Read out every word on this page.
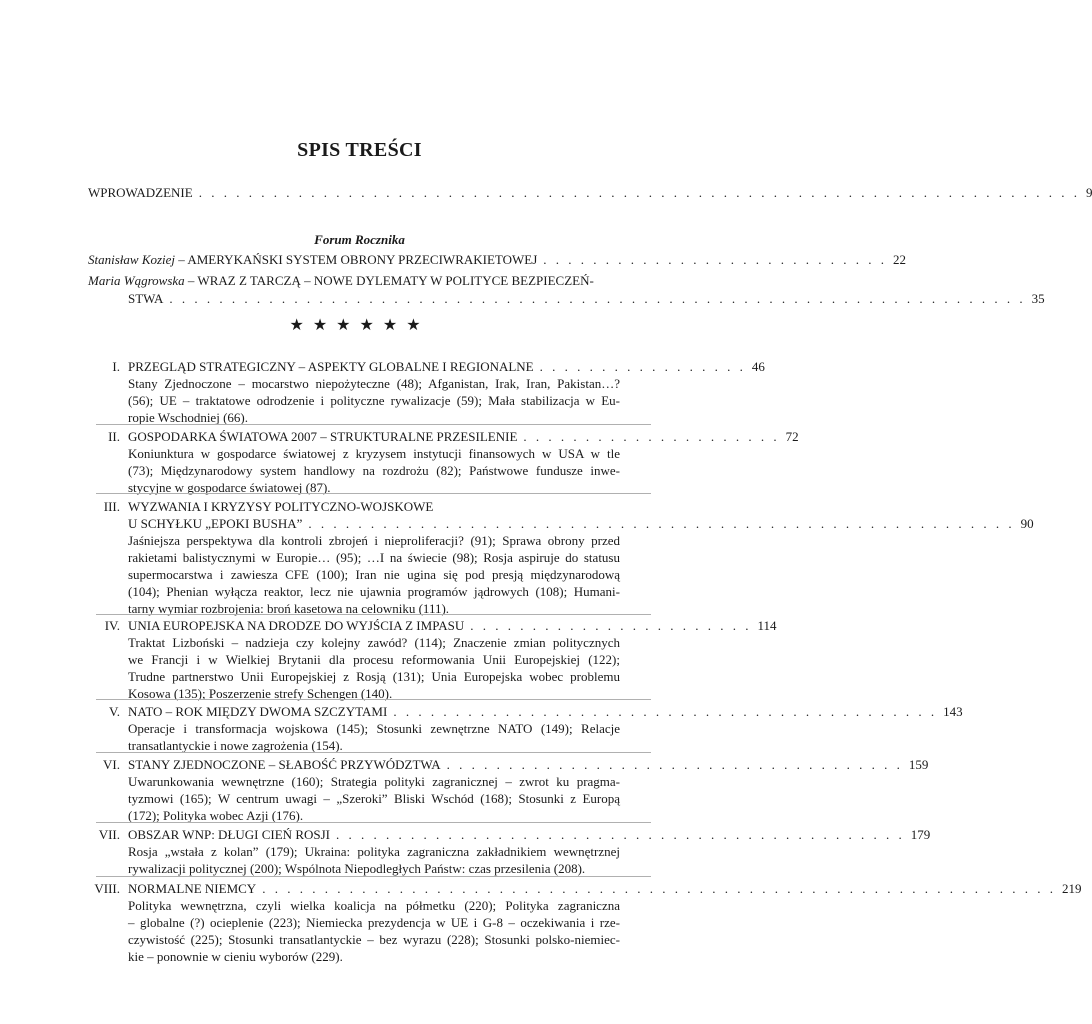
SPIS TREŚCI
WPROWADZENIE . . . . . . . . . . . . . . . . . . . . . . . . . . . . . . . . . . . . . . . . . . . . . . . . . . . . . . . . . . . . . . . . . . . . . . . 9
Forum Rocznika
Stanisław Koziej – AMERYKAŃSKI SYSTEM OBRONY PRZECIWRAKIETOWEJ . . . . . . . . . . . . . . . . . . . . . . . . . . . . 22
Maria Wągrowska – WRAZ Z TARCZĄ – NOWE DYLEMATY W POLITYCE BEZPIECZEŃ-
STWA . . . . . . . . . . . . . . . . . . . . . . . . . . . . . . . . . . . . . . . . . . . . . . . . . . . . . . . . . . . . . . . . . . . . . 35
★★★★★★
I. PRZEGLĄD STRATEGICZNY – ASPEKTY GLOBALNE I REGIONALNE . . . . . . . . . . . . . . . . . 46
Stany Zjednoczone – mocarstwo niepożyteczne (48); Afganistan, Irak, Iran, Pakistan…?
(56); UE – traktatowe odrodzenie i polityczne rywalizacje (59); Mała stabilizacja w Eu-
ropie Wschodniej (66).
II. GOSPODARKA ŚWIATOWA 2007 – STRUKTURALNE PRZESILENIE . . . . . . . . . . . . . . . . . . . . . 72
Koniunktura w gospodarce światowej z kryzysem instytucji finansowych w USA w tle
(73); Międzynarodowy system handlowy na rozdrożu (82); Państwowe fundusze inwe-
stycyjne w gospodarce światowej (87).
III. WYZWANIA I KRYZYSY POLITYCZNO-WOJSKOWE
U SCHYŁKU „EPOKI BUSHA” . . . . . . . . . . . . . . . . . . . . . . . . . . . . . . . . . . . . . . . . . . . . . . . . . . . . . . . . . 90
Jaśniejsza perspektywa dla kontroli zbrojeń i nieproliferacji? (91); Sprawa obrony przed
rakietami balistycznymi w Europie… (95); …I na świecie (98); Rosja aspiruje do statusu
supermocarstwa i zawiesza CFE (100); Iran nie ugina się pod presją międzynarodową
(104); Phenian wyłącza reaktor, lecz nie ujawnia programów jądrowych (108); Humani-
tarny wymiar rozbrojenia: broń kasetowa na celowniku (111).
IV. UNIA EUROPEJSKA NA DRODZE DO WYJŚCIA Z IMPASU . . . . . . . . . . . . . . . . . . . . . . . 114
Traktat Lizboński – nadzieja czy kolejny zawód? (114); Znaczenie zmian politycznych
we Francji i w Wielkiej Brytanii dla procesu reformowania Unii Europejskiej (122);
Trudne partnerstwo Unii Europejskiej z Rosją (131); Unia Europejska wobec problemu
Kosowa (135); Poszerzenie strefy Schengen (140).
V. NATO – ROK MIĘDZY DWOMA SZCZYTAMI . . . . . . . . . . . . . . . . . . . . . . . . . . . . . . . . . . . . . . . . . . . . 143
Operacje i transformacja wojskowa (145); Stosunki zewnętrzne NATO (149); Relacje
transatlantyckie i nowe zagrożenia (154).
VI. STANY ZJEDNOCZONE – SŁABOŚĆ PRZYWÓDZTWA . . . . . . . . . . . . . . . . . . . . . . . . . . . . . . . . . . . . . 159
Uwarunkowania wewnętrzne (160); Strategia polityki zagranicznej – zwrot ku pragma-
tyzmowi (165); W centrum uwagi – „Szeroki” Bliski Wschód (168); Stosunki z Europą
(172); Polityka wobec Azji (176).
VII. OBSZAR WNP: DŁUGI CIEŃ ROSJI . . . . . . . . . . . . . . . . . . . . . . . . . . . . . . . . . . . . . . . . . . . . . . 179
Rosja „wstała z kolan” (179); Ukraina: polityka zagraniczna zakładnikiem wewnętrznej
rywalizacji politycznej (200); Wspólnota Niepodległych Państw: czas przesilenia (208).
VIII. NORMALNE NIEMCY . . . . . . . . . . . . . . . . . . . . . . . . . . . . . . . . . . . . . . . . . . . . . . . . . . . . . . . . . . . . . . . . 219
Polityka wewnętrzna, czyli wielka koalicja na półmetku (220); Polityka zagraniczna
– globalne (?) ocieplenie (223); Niemiecka prezydencja w UE i G-8 – oczekiwania i rze-
czywistość (225); Stosunki transatlantyckie – bez wyrazu (228); Stosunki polsko-niemiec-
kie – ponownie w cieniu wyborów (229).
